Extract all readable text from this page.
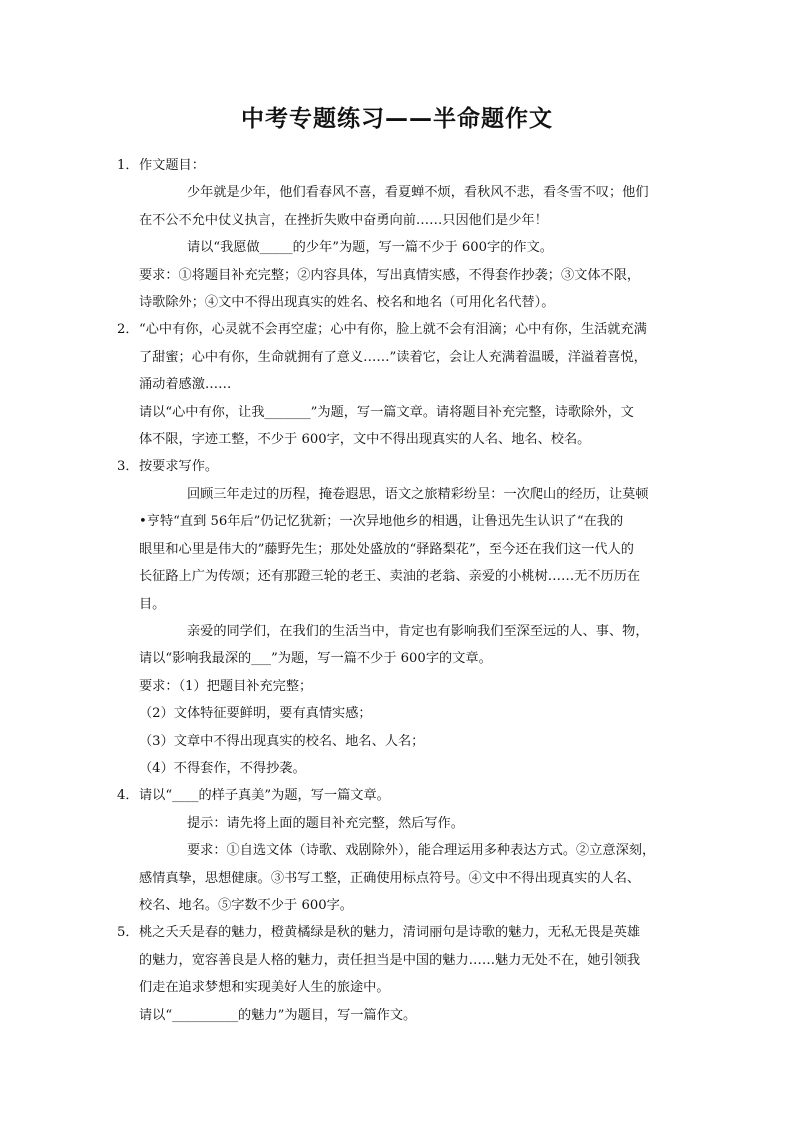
中考专题练习——半命题作文
1． 作文题目：

少年就是少年，他们看春风不喜，看夏蝉不烦，看秋风不悲，看冬雪不叹；他们

在不公不允中仗义执言，在挫折失败中奋勇向前……只因他们是少年！

请以“我愿做_____的少年”为题，写一篇不少于 600字的作文。

要求：①将题目补充完整；②内容具体，写出真情实感，不得套作抄袭；③文体不限，

诗歌除外；④文中不得出现真实的姓名、校名和地名（可用化名代替）。

2． “心中有你，心灵就不会再空虚；心中有你，脸上就不会有泪滴；心中有你，生活就充满

了甜蜜；心中有你，生命就拥有了意义……”读着它，会让人充满着温暖，洋溢着喜悦，

涌动着感激……

请以“心中有你，让我_______”为题，写一篇文章。请将题目补充完整，诗歌除外，文

体不限，字迹工整，不少于 600字，文中不得出现真实的人名、地名、校名。

3． 按要求写作。

回顾三年走过的历程，掩卷遐思，语文之旅精彩纷呈：一次爬山的经历，让莫顿

•亨特“直到 56年后”仍记忆犹新；一次异地他乡的相遇，让鲁迅先生认识了“在我的

眼里和心里是伟大的”藤野先生；那处处盛放的“驿路梨花”，至今还在我们这一代人的

长征路上广为传颂；还有那蹬三轮的老王、卖油的老翁、亲爱的小桃树……无不历历在

目。

亲爱的同学们，在我们的生活当中，肯定也有影响我们至深至远的人、事、物，

请以“影响我最深的___”为题，写一篇不少于 600字的文章。

要求：（1）把题目补充完整；

（2）文体特征要鲜明，要有真情实感；

（3）文章中不得出现真实的校名、地名、人名；

（4）不得套作，不得抄袭。

4． 请以“____的样子真美”为题，写一篇文章。

提示：请先将上面的题目补充完整，然后写作。

要求：①自选文体（诗歌、戏剧除外），能合理运用多种表达方式。②立意深刻，

感情真挚，思想健康。③书写工整，正确使用标点符号。④文中不得出现真实的人名、

校名、地名。⑤字数不少于 600字。

5． 桃之夭夭是春的魅力，橙黄橘绿是秋的魅力，清词丽句是诗歌的魅力，无私无畏是英雄

的魅力，宽容善良是人格的魅力，责任担当是中国的魅力……魅力无处不在，她引领我

们走在追求梦想和实现美好人生的旅途中。

请以“__________的魅力”为题目，写一篇作文。
